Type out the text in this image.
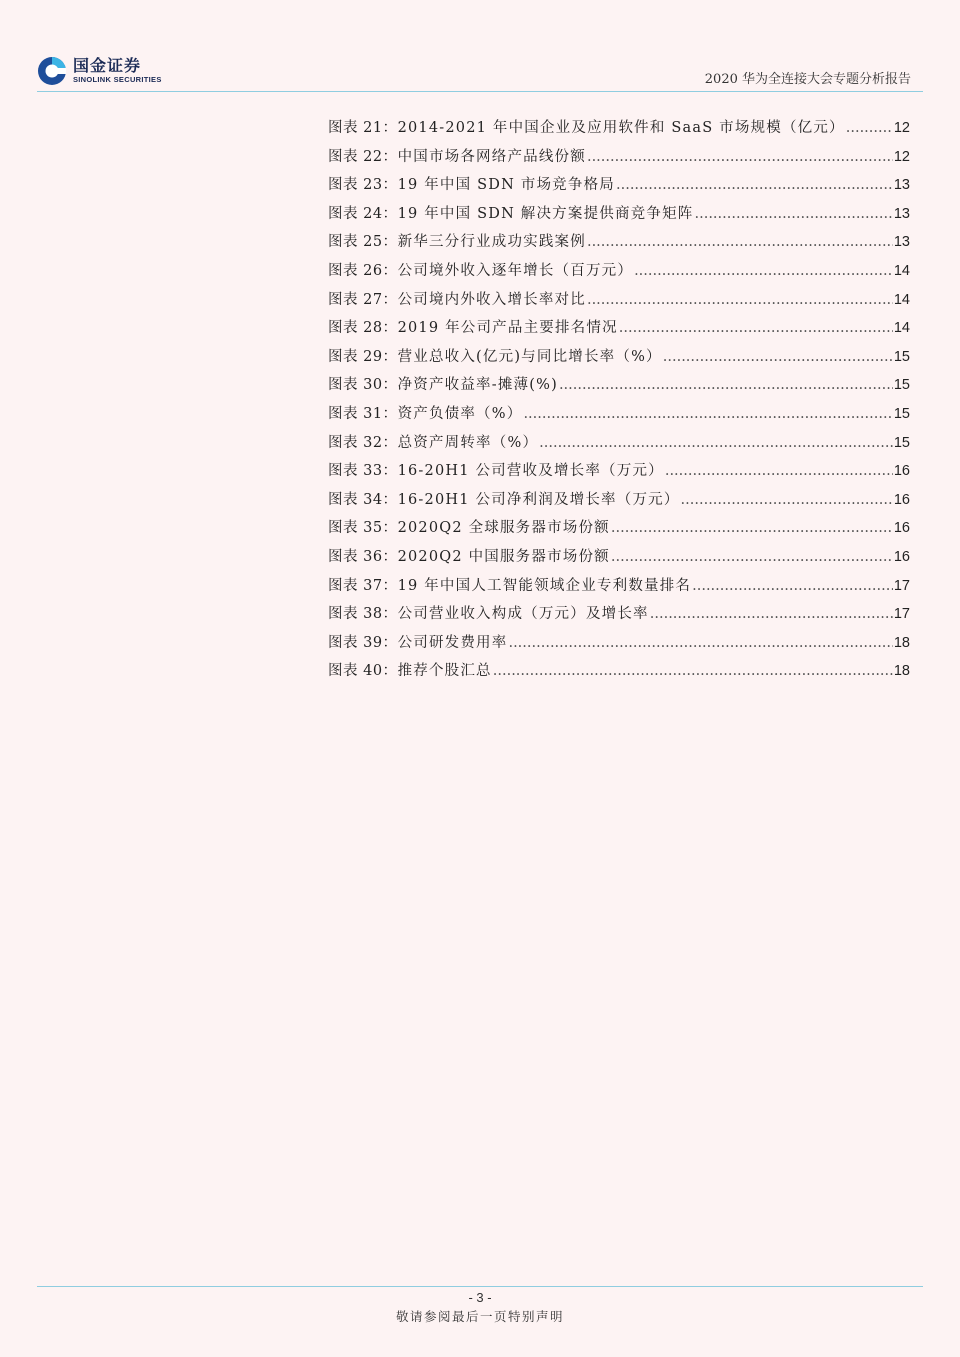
国金证券
SINOLINK SECURITIES	2020 华为全连接大会专题分析报告
图表 21： 2014-2021 年中国企业及应用软件和 SaaS 市场规模（亿元） .....	12
图表 22： 中国市场各网络产品线份额 .....	12
图表 23： 19 年中国 SDN 市场竞争格局 .....	13
图表 24： 19 年中国 SDN 解决方案提供商竞争矩阵 .....	13
图表 25： 新华三分行业成功实践案例 .....	13
图表 26： 公司境外收入逐年增长（百万元） .....	14
图表 27： 公司境内外收入增长率对比 .....	14
图表 28： 2019 年公司产品主要排名情况 .....	14
图表 29： 营业总收入(亿元)与同比增长率（%） .....	15
图表 30： 净资产收益率-摊薄(%) .....	15
图表 31： 资产负债率（%） .....	15
图表 32： 总资产周转率（%） .....	15
图表 33： 16-20H1 公司营收及增长率（万元） .....	16
图表 34： 16-20H1 公司净利润及增长率（万元） .....	16
图表 35： 2020Q2 全球服务器市场份额 .....	16
图表 36： 2020Q2 中国服务器市场份额 .....	16
图表 37： 19 年中国人工智能领域企业专利数量排名 .....	17
图表 38： 公司营业收入构成（万元）及增长率 .....	17
图表 39： 公司研发费用率 .....	18
图表 40： 推荐个股汇总 .....	18
- 3 -
敬请参阅最后一页特别声明
